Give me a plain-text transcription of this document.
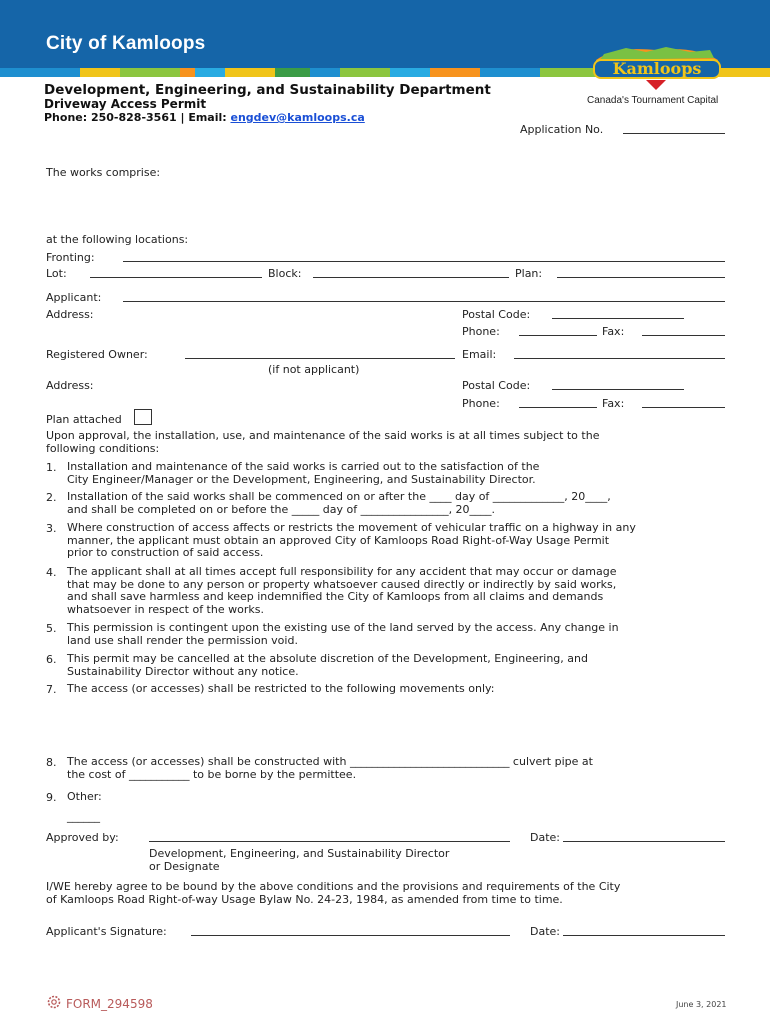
City of Kamloops
Kamloops
Canada's Tournament Capital
Development, Engineering, and Sustainability Department
Driveway Access Permit
Phone: 250-828-3561 | Email: engdev@kamloops.ca
Application No.
The works comprise:
at the following locations:
Fronting:
Lot:	Block:	Plan:
Applicant:
Address:	Postal Code:
Phone:	Fax:
Registered Owner:	Email:
(if not applicant)
Address:	Postal Code:
Phone:	Fax:
Plan attached
Upon approval, the installation, use, and maintenance of the said works is at all times subject to the
following conditions:
1. Installation and maintenance of the said works is carried out to the satisfaction of the
City Engineer/Manager or the Development, Engineering, and Sustainability Director.
2. Installation of the said works shall be commenced on or after the ____ day of _____________, 20____,
and shall be completed on or before the _____ day of ________________, 20____.
3. Where construction of access affects or restricts the movement of vehicular traffic on a highway in any
manner, the applicant must obtain an approved City of Kamloops Road Right-of-Way Usage Permit
prior to construction of said access.
4. The applicant shall at all times accept full responsibility for any accident that may occur or damage
that may be done to any person or property whatsoever caused directly or indirectly by said works,
and shall save harmless and keep indemnified the City of Kamloops from all claims and demands
whatsoever in respect of the works.
5. This permission is contingent upon the existing use of the land served by the access. Any change in
land use shall render the permission void.
6. This permit may be cancelled at the absolute discretion of the Development, Engineering, and
Sustainability Director without any notice.
7. The access (or accesses) shall be restricted to the following movements only:
8. The access (or accesses) shall be constructed with _____________________________ culvert pipe at
the cost of ___________ to be borne by the permittee.
9. Other:
______
Approved by:	Date:
Development, Engineering, and Sustainability Director
or Designate
I/WE hereby agree to be bound by the above conditions and the provisions and requirements of the City
of Kamloops Road Right-of-way Usage Bylaw No. 24-23, 1984, as amended from time to time.
Applicant's Signature:	Date:
FORM_294598	June 3, 2021
